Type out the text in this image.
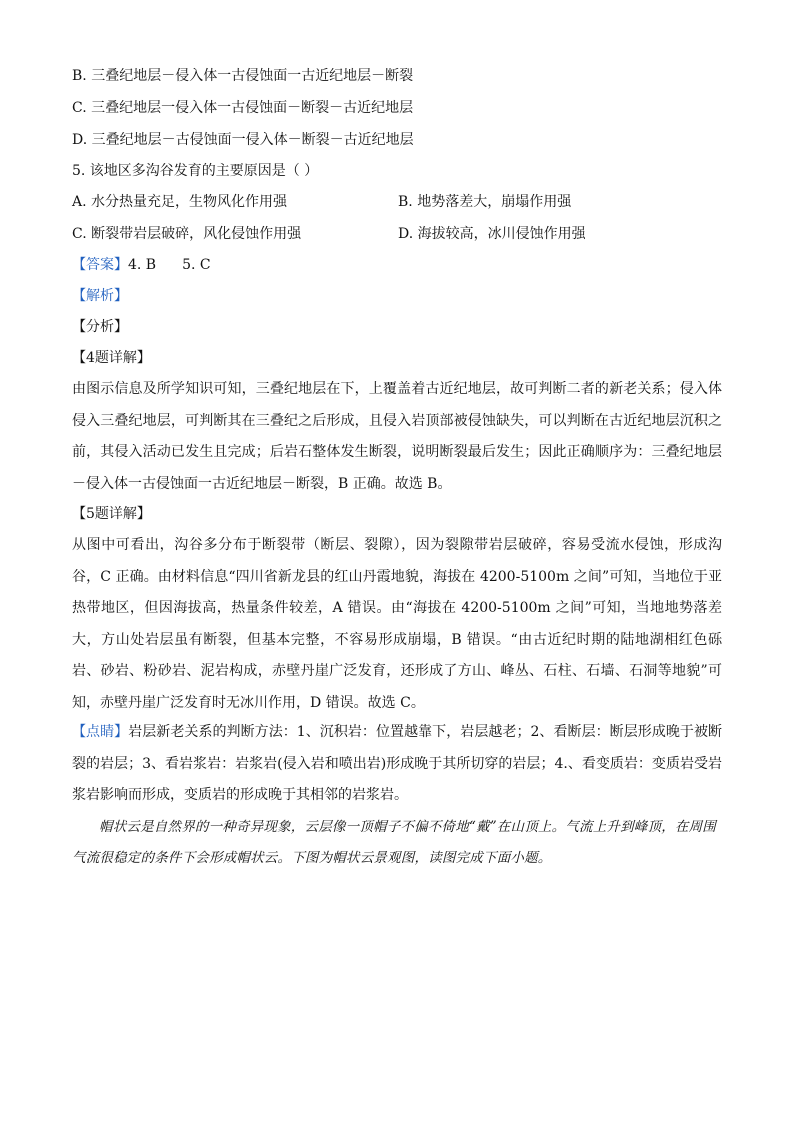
B. 三叠纪地层－侵入体一古侵蚀面一古近纪地层－断裂
C. 三叠纪地层一侵入体一古侵蚀面－断裂－古近纪地层
D. 三叠纪地层－古侵蚀面一侵入体－断裂－古近纪地层
5. 该地区多沟谷发育的主要原因是（ ）
A. 水分热量充足，生物风化作用强	B. 地势落差大，崩塌作用强
C. 断裂带岩层破碎，风化侵蚀作用强	D. 海拔较高，冰川侵蚀作用强
【答案】4. B 5. C
【解析】
【分析】
【4题详解】
由图示信息及所学知识可知，三叠纪地层在下，上覆盖着古近纪地层，故可判断二者的新老关系；侵入体侵入三叠纪地层，可判断其在三叠纪之后形成，且侵入岩顶部被侵蚀缺失，可以判断在古近纪地层沉积之前，其侵入活动已发生且完成；后岩石整体发生断裂，说明断裂最后发生；因此正确顺序为：三叠纪地层－侵入体一古侵蚀面一古近纪地层－断裂，B 正确。故选 B。
【5题详解】
从图中可看出，沟谷多分布于断裂带（断层、裂隙），因为裂隙带岩层破碎，容易受流水侵蚀，形成沟谷，C 正确。由材料信息“四川省新龙县的红山丹霞地貌，海拔在 4200-5100m 之间”可知，当地位于亚热带地区，但因海拔高，热量条件较差，A 错误。由“海拔在 4200-5100m 之间”可知，当地地势落差大，方山处岩层虽有断裂，但基本完整，不容易形成崩塌，B 错误。“由古近纪时期的陆地湖相红色砾岩、砂岩、粉砂岩、泥岩构成，赤壁丹崖广泛发育，还形成了方山、峰丛、石柱、石墙、石洞等地貌”可知，赤壁丹崖广泛发育时无冰川作用，D 错误。故选 C。
【点睛】岩层新老关系的判断方法：1、沉积岩：位置越靠下，岩层越老；2、看断层：断层形成晚于被断裂的岩层；3、看岩浆岩：岩浆岩(侵入岩和喷出岩)形成晚于其所切穿的岩层；4.、看变质岩：变质岩受岩浆岩影响而形成，变质岩的形成晚于其相邻的岩浆岩。
帽状云是自然界的一种奇异现象，云层像一顶帽子不偏不倚地“戴”在山顶上。气流上升到峰顶，在周围气流很稳定的条件下会形成帽状云。下图为帽状云景观图，读图完成下面小题。
